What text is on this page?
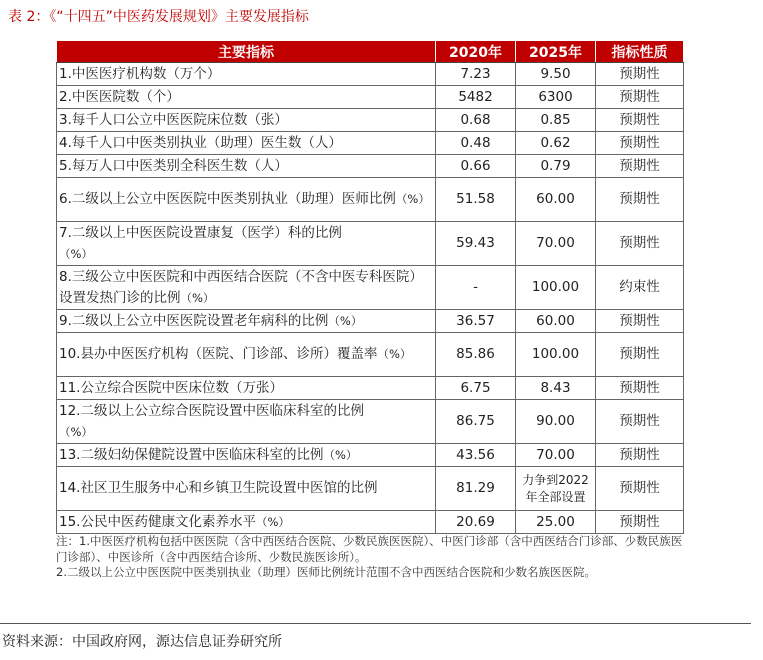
表 2：《“十四五”中医药发展规划》主要发展指标
主要指标	2020年	2025年	指标性质
1.中医医疗机构数（万个）	7.23	9.50	预期性
2.中医医院数（个）	5482	6300	预期性
3.每千人口公立中医医院床位数（张）	0.68	0.85	预期性
4.每千人口中医类别执业（助理）医生数（人）	0.48	0.62	预期性
5.每万人口中医类别全科医生数（人）	0.66	0.79	预期性
6.二级以上公立中医医院中医类别执业（助理）医师比例（%）	51.58	60.00	预期性
7.二级以上中医医院设置康复（医学）科的比例
（%）	59.43	70.00	预期性
8.三级公立中医医院和中西医结合医院（不含中医专科医院）设置发热门诊的比例（%）	-	100.00	约束性
9.二级以上公立中医医院设置老年病科的比例（%）	36.57	60.00	预期性
10.县办中医医疗机构（医院、门诊部、诊所）覆盖率（%）	85.86	100.00	预期性
11.公立综合医院中医床位数（万张）	6.75	8.43	预期性
12.二级以上公立综合医院设置中医临床科室的比例
（%）	86.75	90.00	预期性
13.二级妇幼保健院设置中医临床科室的比例（%）	43.56	70.00	预期性
14.社区卫生服务中心和乡镇卫生院设置中医馆的比例	81.29	力争到2022年全部设置	预期性
15.公民中医药健康文化素养水平（%）	20.69	25.00	预期性

注：1.中医医疗机构包括中医医院（含中西医结合医院、少数民族医医院）、中医门诊部（含中西医结合门诊部、少数民族医门诊部）、中医诊所（含中西医结合诊所、少数民族医诊所）。

2.二级以上公立中医医院中医类别执业（助理）医师比例统计范围不含中西医结合医院和少数名族医医院。

资料来源：中国政府网，源达信息证券研究所
